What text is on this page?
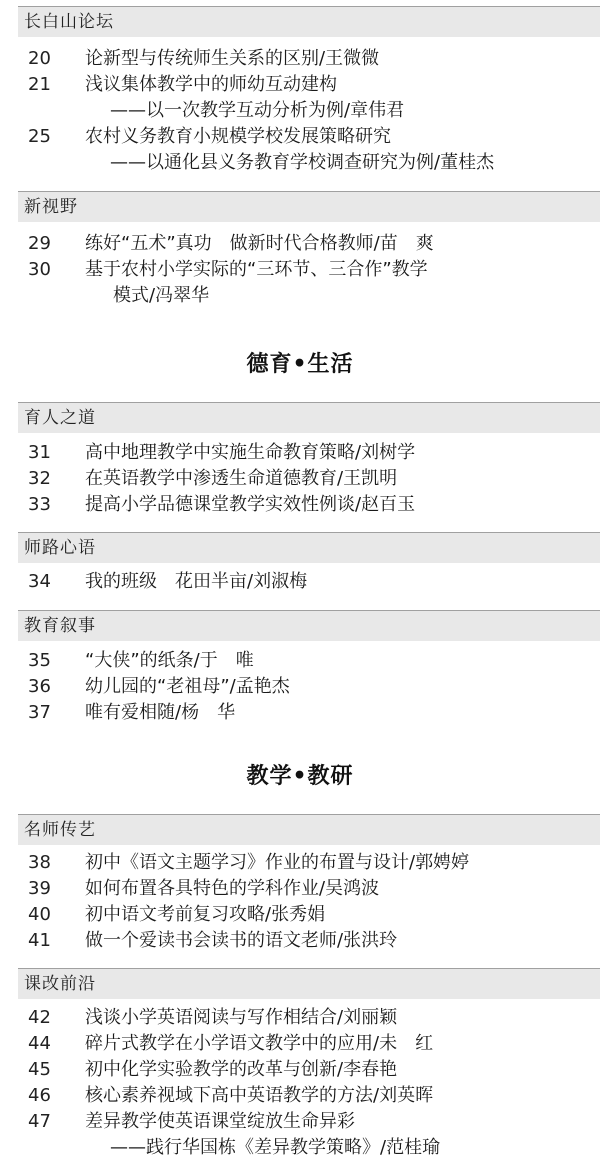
长白山论坛
20	论新型与传统师生关系的区别/王微微
21	浅议集体教学中的师幼互动建构
——以一次教学互动分析为例/章伟君
25	农村义务教育小规模学校发展策略研究
——以通化县义务教育学校调查研究为例/董桂杰
新视野
29	练好“五术”真功　做新时代合格教师/苗　爽
30	基于农村小学实际的“三环节、三合作”教学
模式/冯翠华
德育•生活
育人之道
31	高中地理教学中实施生命教育策略/刘树学
32	在英语教学中渗透生命道德教育/王凯明
33	提高小学品德课堂教学实效性例谈/赵百玉
师路心语
34	我的班级　花田半亩/刘淑梅
教育叙事
35	“大侠”的纸条/于　唯
36	幼儿园的“老祖母”/孟艳杰
37	唯有爱相随/杨　华
教学•教研
名师传艺
38	初中《语文主题学习》作业的布置与设计/郭娉婷
39	如何布置各具特色的学科作业/吴鸿波
40	初中语文考前复习攻略/张秀娟
41	做一个爱读书会读书的语文老师/张洪玲
课改前沿
42	浅谈小学英语阅读与写作相结合/刘丽颖
44	碎片式教学在小学语文教学中的应用/未　红
45	初中化学实验教学的改革与创新/李春艳
46	核心素养视域下高中英语教学的方法/刘英晖
47	差异教学使英语课堂绽放生命异彩
——践行华国栋《差异教学策略》/范桂瑜
